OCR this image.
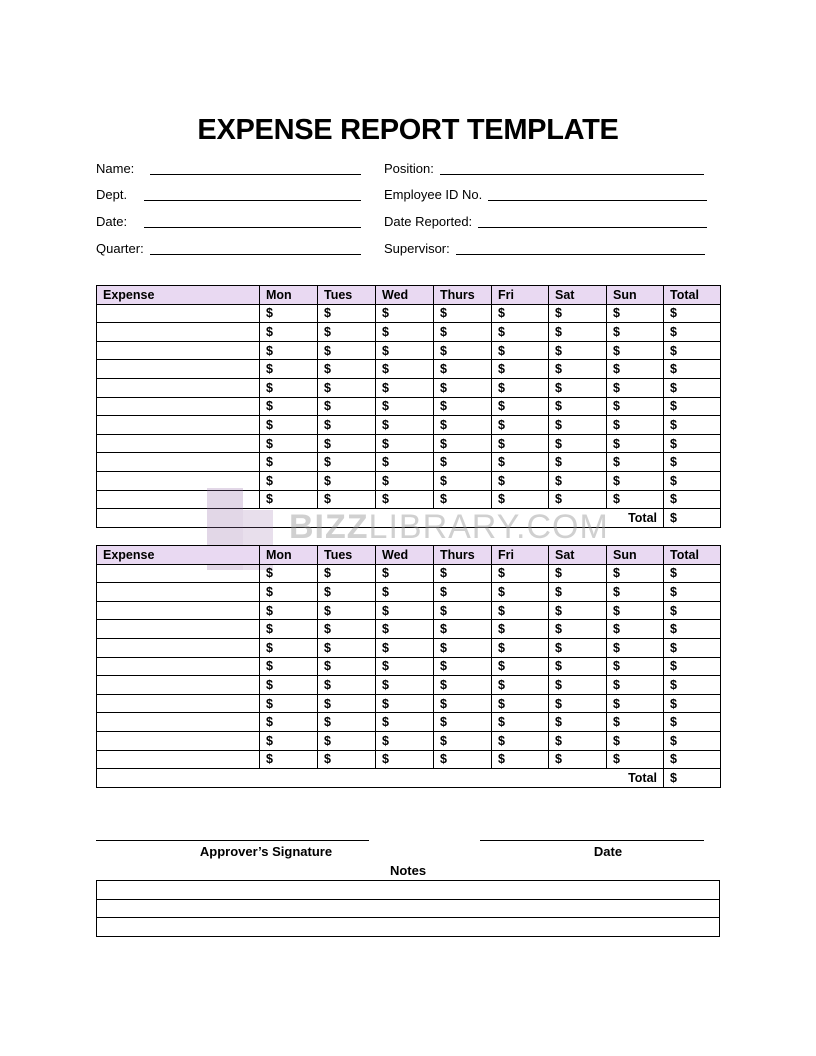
EXPENSE REPORT TEMPLATE
Name:
Dept.
Date:
Quarter:
Position:
Employee ID No.
Date Reported:
Supervisor:
Expense	Mon	Tues	Wed	Thurs	Fri	Sat	Sun	Total
	$	$	$	$	$	$	$	$
	$	$	$	$	$	$	$	$
	$	$	$	$	$	$	$	$
	$	$	$	$	$	$	$	$
	$	$	$	$	$	$	$	$
	$	$	$	$	$	$	$	$
	$	$	$	$	$	$	$	$
	$	$	$	$	$	$	$	$
	$	$	$	$	$	$	$	$
	$	$	$	$	$	$	$	$
	$	$	$	$	$	$	$	$
Total								$
BIZZLIBRARY.COM
Expense	Mon	Tues	Wed	Thurs	Fri	Sat	Sun	Total
	$	$	$	$	$	$	$	$
	$	$	$	$	$	$	$	$
	$	$	$	$	$	$	$	$
	$	$	$	$	$	$	$	$
	$	$	$	$	$	$	$	$
	$	$	$	$	$	$	$	$
	$	$	$	$	$	$	$	$
	$	$	$	$	$	$	$	$
	$	$	$	$	$	$	$	$
	$	$	$	$	$	$	$	$
	$	$	$	$	$	$	$	$
Total								$
Approver’s Signature	Date
Notes
